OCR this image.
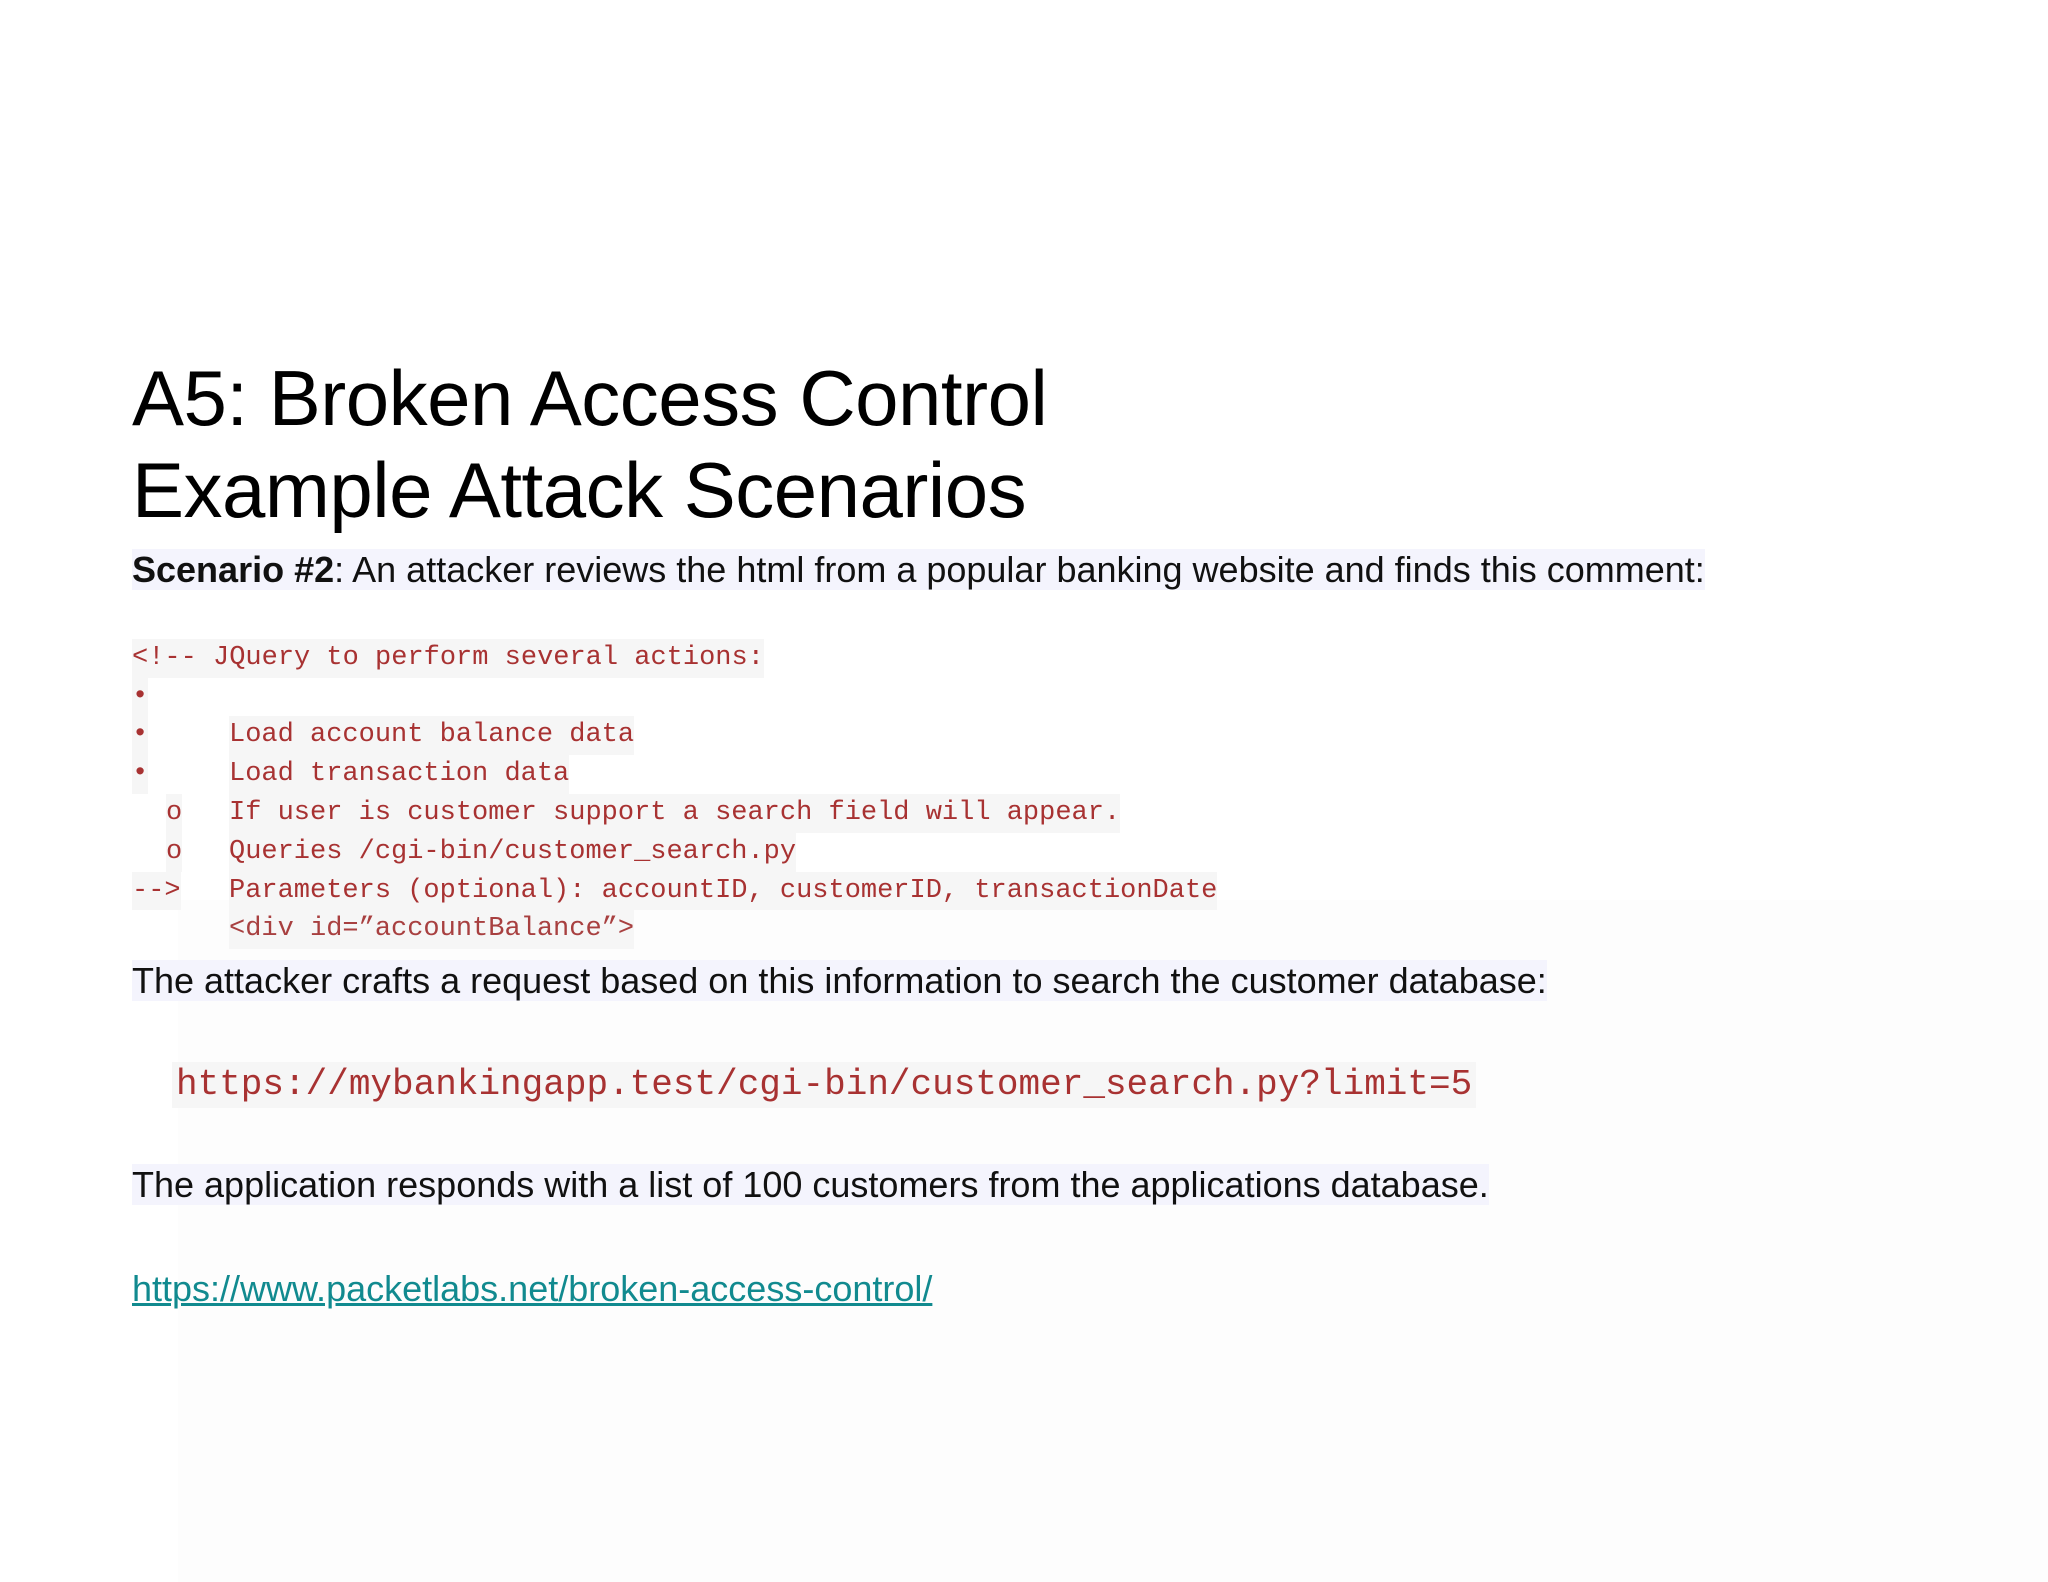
A5: Broken Access Control
Example Attack Scenarios
Scenario #2: An attacker reviews the html from a popular banking website and finds this comment:

<!-- JQuery to perform several actions:

•

Load account balance data

•

Load transaction data

•

If user is customer support a search field will appear.

o

Queries /cgi-bin/customer_search.py

o

Parameters (optional): accountID, customerID, transactionDate

-->

<div id=”accountBalance”>

The attacker crafts a request based on this information to search the customer database:
https://mybankingapp.test/cgi-bin/customer_search.py?limit=5
The application responds with a list of 100 customers from the applications database.
https://www.packetlabs.net/broken-access-control/
